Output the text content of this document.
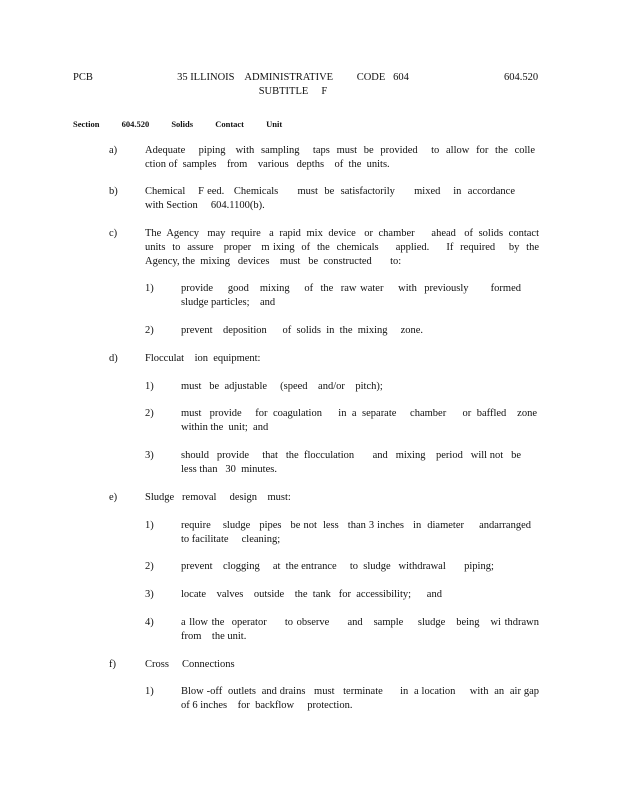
PCB	35 ILLINOIS    ADMINISTRATIVE         CODE   604
SUBTITLE     F
604.520
Section	604.520	Solids	Contact	Unit
a)	Adequate    piping   with  sampling    taps  must  be  provided    to  allow  for  the  colle  ction of  samples    from    various   depths    of  the  units.
b)	Chemical    F eed.   Chemicals      must  be  satisfactorily      mixed    in  accordance       with Section     604.1100(b).
c)	The  Agency   may  require   a  rapid  mix  device   or  chamber      ahead   of  solids  contact units  to  assure   proper   m ixing  of  the  chemicals     applied.     If  required    by  the  Agency, the  mixing   devices    must   be  constructed       to:
1)	provide    good   mixing    of  the  raw water    with  previously      formed    sludge particles;    and
2)	prevent    deposition      of  solids  in  the  mixing     zone.
d)	Flocculat    ion  equipment:
1)	must   be  adjustable     (speed    and/or    pitch);
2)	must   provide     for  coagulation      in  a  separate     chamber      or  baffled    zone   within the  unit;  and
3)	should   provide     that   the  flocculation       and   mixing    period   will not   be less than   30  minutes.
e)	Sludge   removal     design    must:
1)	require    sludge   pipes   be not  less   than 3 inches   in  diameter     andarranged        to facilitate     cleaning;
2)	prevent    clogging     at  the entrance     to  sludge   withdrawal       piping;
3)	locate    valves    outside    the  tank   for  accessibility;      and
4)	a llow the  operator     to observe     and   sample    sludge   being   wi thdrawn       from    the unit.
f)	Cross     Connections
1)	Blow -off  outlets  and drains   must   terminate      in  a location     with  an  air gap   of 6 inches    for  backflow     protection.
